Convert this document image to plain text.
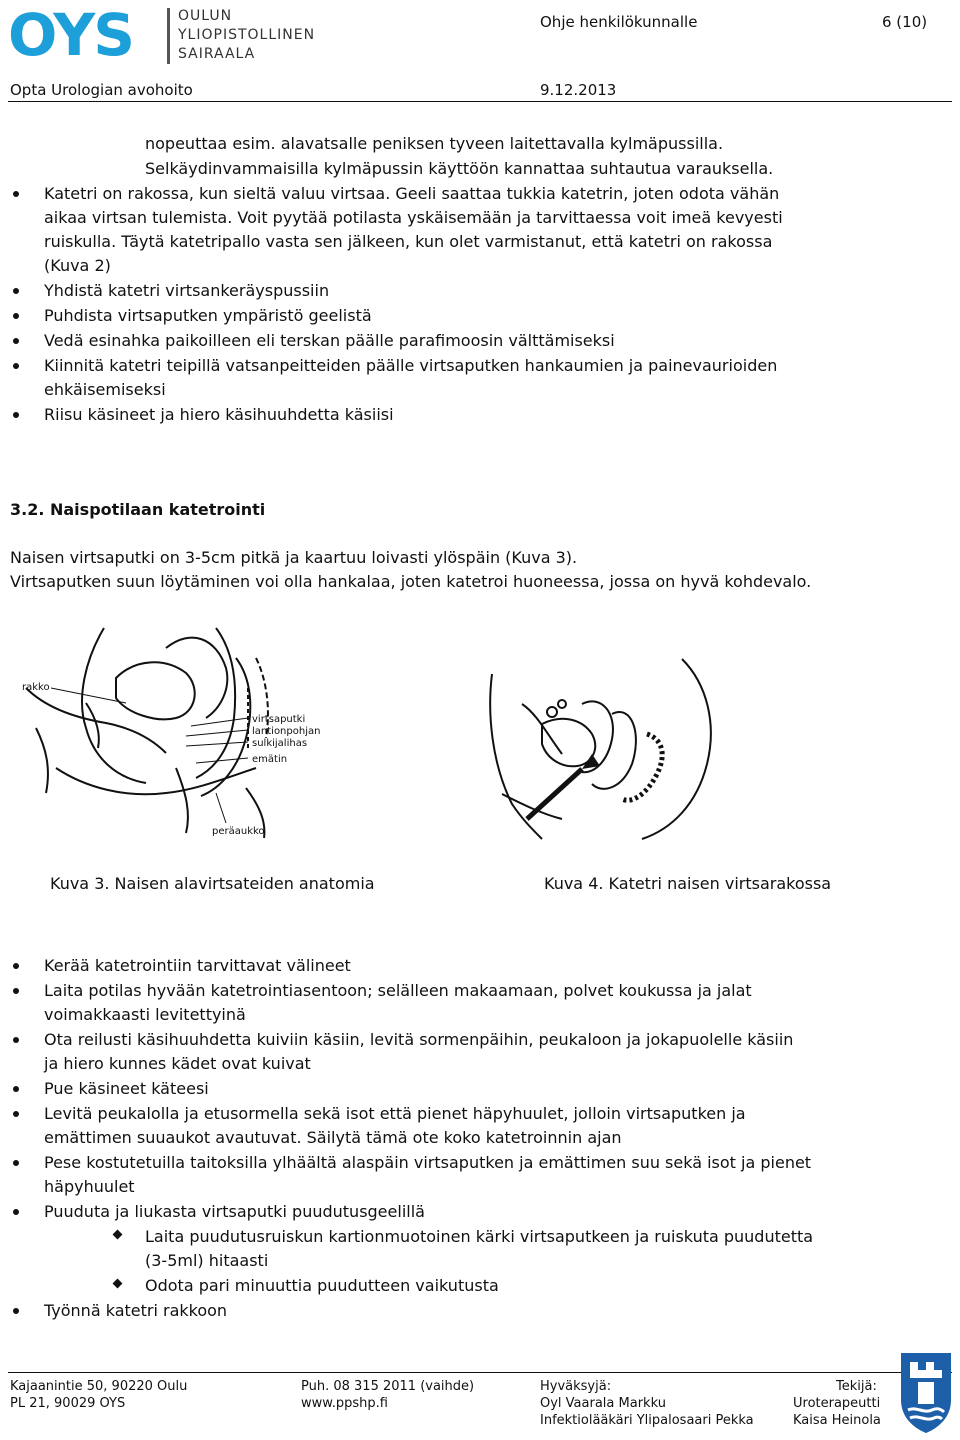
OYS	OULUN
YLIOPISTOLLINEN
SAIRAALA
Ohje henkilökunnalle	6 (10)
Opta Urologian avohoito	9.12.2013
nopeuttaa esim. alavatsalle peniksen tyveen laitettavalla kylmäpussilla.
Selkäydinvammaisilla kylmäpussin käyttöön kannattaa suhtautua varauksella.
Katetri on rakossa, kun sieltä valuu virtsaa. Geeli saattaa tukkia katetrin, joten odota vähän
aikaa virtsan tulemista. Voit pyytää potilasta yskäisemään ja tarvittaessa voit imeä kevyesti
ruiskulla. Täytä katetripallo vasta sen jälkeen, kun olet varmistanut, että katetri on rakossa
(Kuva 2)
Yhdistä katetri virtsankeräyspussiin
Puhdista virtsaputken ympäristö geelistä
Vedä esinahka paikoilleen eli terskan päälle parafimoosin välttämiseksi
Kiinnitä katetri teipillä vatsanpeitteiden päälle virtsaputken hankaumien ja painevaurioiden
ehkäisemiseksi
Riisu käsineet ja hiero käsihuuhdetta käsiisi
3.2. Naispotilaan katetrointi
Naisen virtsaputki on 3-5cm pitkä ja kaartuu loivasti ylöspäin (Kuva 3).
Virtsaputken suun löytäminen voi olla hankalaa, joten katetroi huoneessa, jossa on hyvä kohdevalo.
rakko
virtsaputki
lantionpohjan
sulkijalihas
emätin
peräaukko
Kuva 3. Naisen alavirtsateiden anatomia	Kuva 4. Katetri naisen virtsarakossa
Kerää katetrointiin tarvittavat välineet
Laita potilas hyvään katetrointiasentoon; selälleen makaamaan, polvet koukussa ja jalat
voimakkaasti levitettyinä
Ota reilusti käsihuuhdetta kuiviin käsiin, levitä sormenpäihin, peukaloon ja jokapuolelle käsiin
ja hiero kunnes kädet ovat kuivat
Pue käsineet käteesi
Levitä peukalolla ja etusormella sekä isot että pienet häpyhuulet, jolloin virtsaputken ja
emättimen suuaukot avautuvat. Säilytä tämä ote koko katetroinnin ajan
Pese kostutetuilla taitoksilla ylhäältä alaspäin virtsaputken ja emättimen suu sekä isot ja pienet
häpyhuulet
Puuduta ja liukasta virtsaputki puudutusgeelillä
Laita puudutusruiskun kartionmuotoinen kärki virtsaputkeen ja ruiskuta puudutetta
(3-5ml) hitaasti
Odota pari minuuttia puudutteen vaikutusta
Työnnä katetri rakkoon
Kajaanintie 50, 90220 Oulu
PL 21, 90029 OYS
Puh. 08 315 2011 (vaihde)
www.ppshp.fi
Hyväksyjä:
Oyl Vaarala Markku
Infektiolääkäri Ylipalosaari Pekka
Tekijä:
Uroterapeutti
Kaisa Heinola
